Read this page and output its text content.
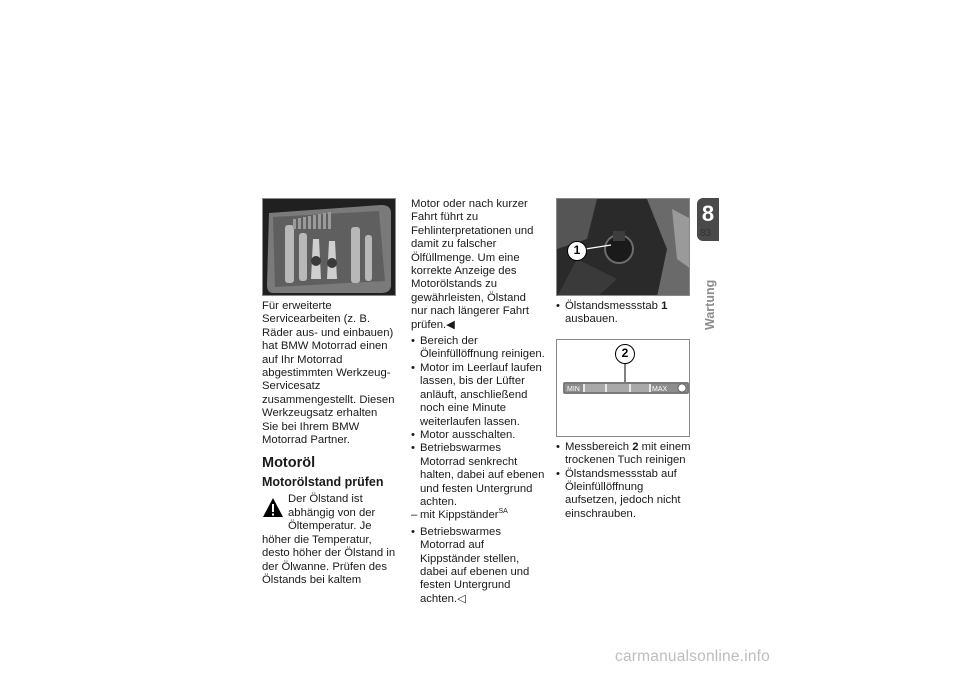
Für erweiterte Servicearbeiten (z. B. Räder aus- und einbauen) hat BMW Motorrad einen auf Ihr Motorrad abgestimmten Werkzeug-Servicesatz zusammengestellt. Diesen Werkzeugsatz erhalten Sie bei Ihrem BMW Motorrad Partner.

Motoröl
Motorölstand prüfen

Der Ölstand ist abhängig von der Öltemperatur. Je höher die Temperatur, desto höher der Ölstand in der Ölwanne. Prüfen des Ölstands bei kaltem

Motor oder nach kurzer Fahrt führt zu Fehlinterpretationen und damit zu falscher Ölfüllmenge. Um eine korrekte Anzeige des Motorölstands zu gewährleisten, Ölstand nur nach längerer Fahrt prüfen.◀

• Bereich der Öleinfüllöffnung reinigen.
• Motor im Leerlauf laufen lassen, bis der Lüfter anläuft, anschließend noch eine Minute weiterlaufen lassen.
• Motor ausschalten.
• Betriebswarmes Motorrad senkrecht halten, dabei auf ebenen und festen Untergrund achten.
– mit Kippständer$^{SA}$
• Betriebswarmes Motorrad auf Kippständer stellen, dabei auf ebenen und festen Untergrund achten.◁
1
• Ölstandsmessstab 1 ausbauen.
MIN	MAX
2
• Messbereich 2 mit einem trockenen Tuch reinigen
• Ölstandsmessstab auf Öleinfüllöffnung aufsetzen, jedoch nicht einschrauben.
8
83
Wartung
carmanualsonline.info
